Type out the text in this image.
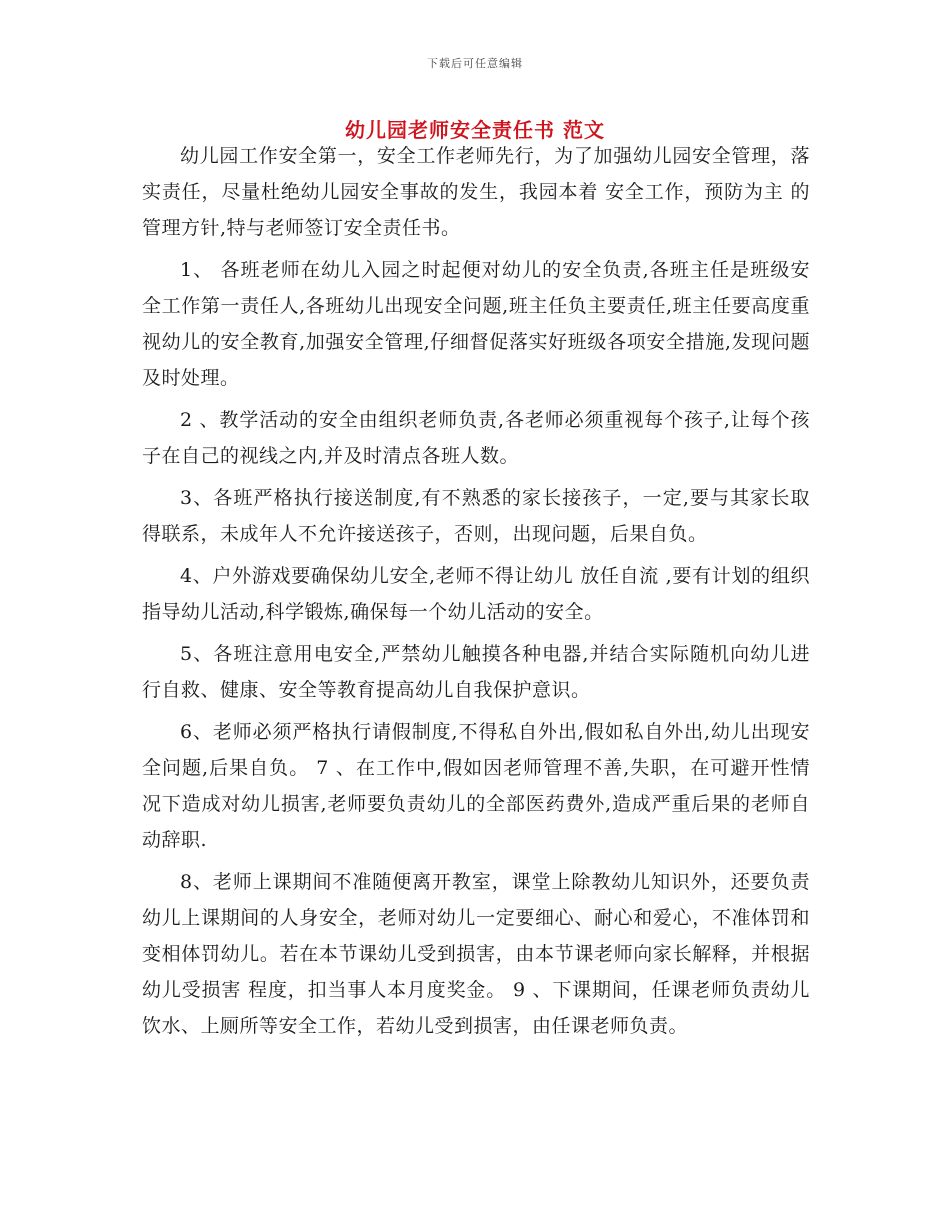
下载后可任意编辑
幼儿园老师安全责任书 范文

幼儿园工作安全第一，安全工作老师先行，为了加强幼儿园安全管理，落实责任，尽量杜绝幼儿园安全事故的发生，我园本着 安全工作，预防为主 的管理方针,特与老师签订安全责任书。

1、 各班老师在幼儿入园之时起便对幼儿的安全负责,各班主任是班级安全工作第一责任人,各班幼儿出现安全问题,班主任负主要责任,班主任要高度重视幼儿的安全教育,加强安全管理,仔细督促落实好班级各项安全措施,发现问题及时处理。

2 、教学活动的安全由组织老师负责,各老师必须重视每个孩子,让每个孩子在自己的视线之内,并及时清点各班人数。

3、各班严格执行接送制度,有不熟悉的家长接孩子，一定,要与其家长取得联系，未成年人不允许接送孩子，否则，出现问题，后果自负。

4、户外游戏要确保幼儿安全,老师不得让幼儿 放任自流 ,要有计划的组织指导幼儿活动,科学锻炼,确保每一个幼儿活动的安全。

5、各班注意用电安全,严禁幼儿触摸各种电器,并结合实际随机向幼儿进行自救、健康、安全等教育提高幼儿自我保护意识。

6、老师必须严格执行请假制度,不得私自外出,假如私自外出,幼儿出现安全问题,后果自负。 7 、在工作中,假如因老师管理不善,失职，在可避开性情况下造成对幼儿损害,老师要负责幼儿的全部医药费外,造成严重后果的老师自动辞职.

8、老师上课期间不准随便离开教室，课堂上除教幼儿知识外，还要负责幼儿上课期间的人身安全，老师对幼儿一定要细心、耐心和爱心，不准体罚和变相体罚幼儿。若在本节课幼儿受到损害，由本节课老师向家长解释，并根据幼儿受损害 程度，扣当事人本月度奖金。 9 、下课期间，任课老师负责幼儿饮水、上厕所等安全工作，若幼儿受到损害，由任课老师负责。
